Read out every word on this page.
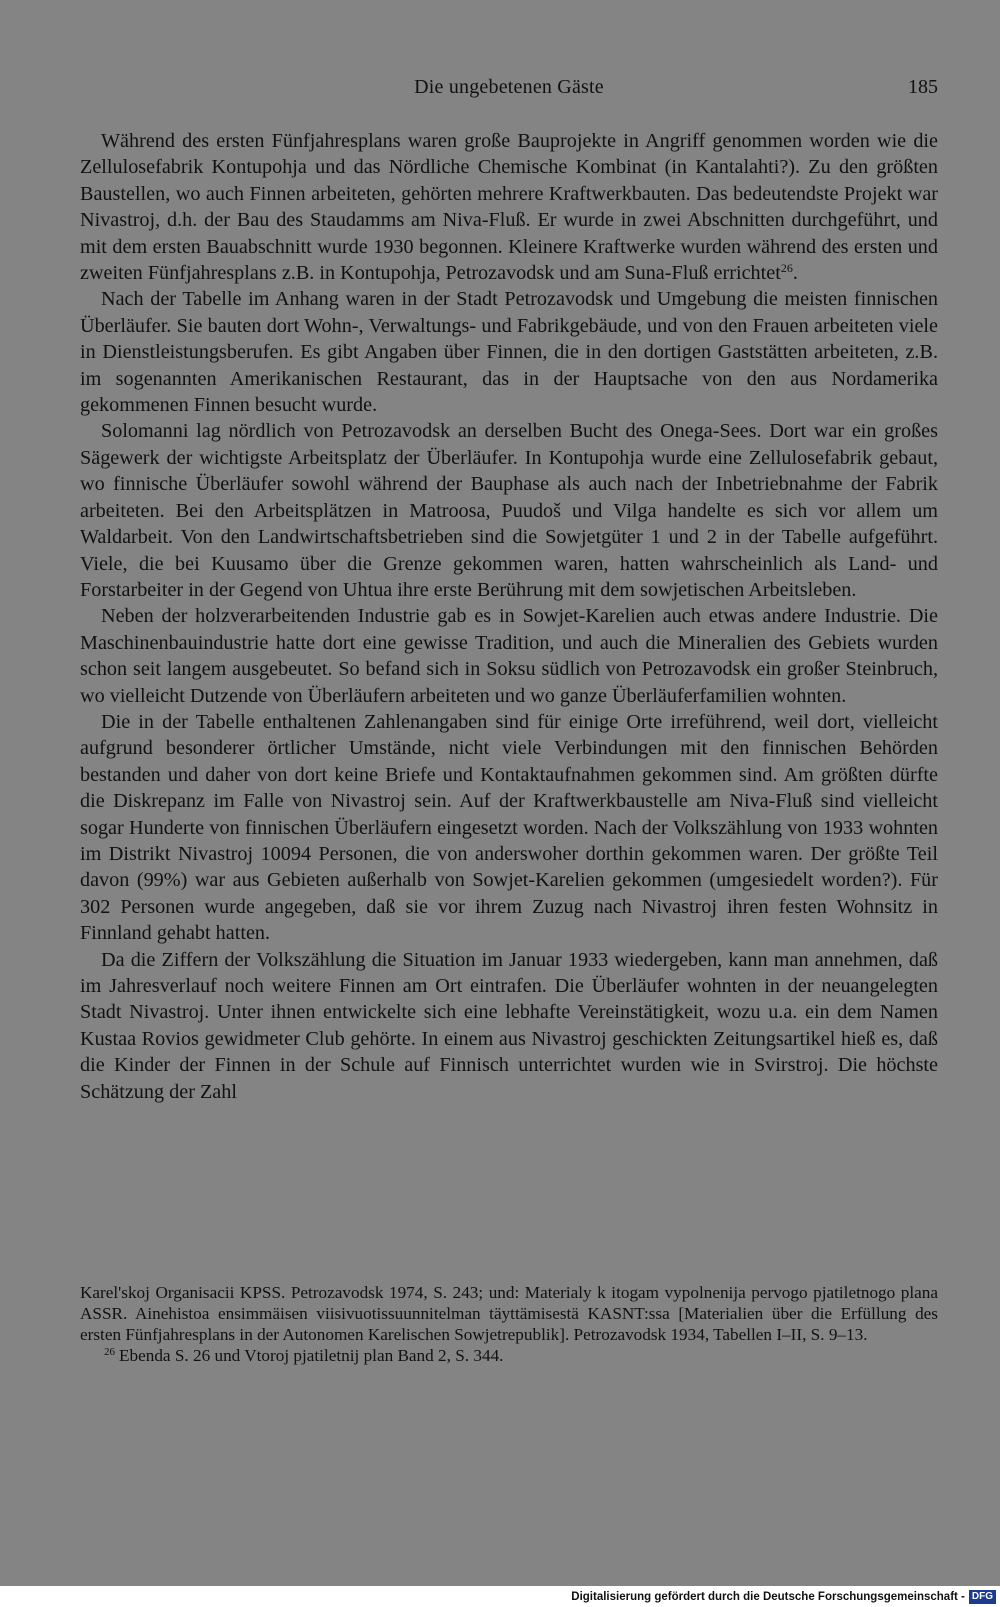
Die ungebetenen Gäste	185

Während des ersten Fünfjahresplans waren große Bauprojekte in Angriff genommen worden wie die Zellulosefabrik Kontupohja und das Nördliche Chemische Kombinat (in Kantalahti?). Zu den größten Baustellen, wo auch Finnen arbeiteten, gehörten mehrere Kraftwerkbauten. Das bedeutendste Projekt war Nivastroj, d.h. der Bau des Staudamms am Niva-Fluß. Er wurde in zwei Abschnitten durchgeführt, und mit dem ersten Bauabschnitt wurde 1930 begonnen. Kleinere Kraftwerke wurden während des ersten und zweiten Fünfjahresplans z.B. in Kontupohja, Petrozavodsk und am Suna-Fluß errichtet$^{26}$.

Nach der Tabelle im Anhang waren in der Stadt Petrozavodsk und Umgebung die meisten finnischen Überläufer. Sie bauten dort Wohn-, Verwaltungs- und Fabrikgebäude, und von den Frauen arbeiteten viele in Dienstleistungsberufen. Es gibt Angaben über Finnen, die in den dortigen Gaststätten arbeiteten, z.B. im sogenannten Amerikanischen Restaurant, das in der Hauptsache von den aus Nordamerika gekommenen Finnen besucht wurde.

Solomanni lag nördlich von Petrozavodsk an derselben Bucht des Onega-Sees. Dort war ein großes Sägewerk der wichtigste Arbeitsplatz der Überläufer. In Kontupohja wurde eine Zellulosefabrik gebaut, wo finnische Überläufer sowohl während der Bauphase als auch nach der Inbetriebnahme der Fabrik arbeiteten. Bei den Arbeitsplätzen in Matroosa, Puudoš und Vilga handelte es sich vor allem um Waldarbeit. Von den Landwirtschaftsbetrieben sind die Sowjetgüter 1 und 2 in der Tabelle aufgeführt. Viele, die bei Kuusamo über die Grenze gekommen waren, hatten wahrscheinlich als Land- und Forstarbeiter in der Gegend von Uhtua ihre erste Berührung mit dem sowjetischen Arbeitsleben.

Neben der holzverarbeitenden Industrie gab es in Sowjet-Karelien auch etwas andere Industrie. Die Maschinenbauindustrie hatte dort eine gewisse Tradition, und auch die Mineralien des Gebiets wurden schon seit langem ausgebeutet. So befand sich in Soksu südlich von Petrozavodsk ein großer Steinbruch, wo vielleicht Dutzende von Überläufern arbeiteten und wo ganze Überläuferfamilien wohnten.

Die in der Tabelle enthaltenen Zahlenangaben sind für einige Orte irreführend, weil dort, vielleicht aufgrund besonderer örtlicher Umstände, nicht viele Verbindungen mit den finnischen Behörden bestanden und daher von dort keine Briefe und Kontaktaufnahmen gekommen sind. Am größten dürfte die Diskrepanz im Falle von Nivastroj sein. Auf der Kraftwerkbaustelle am Niva-Fluß sind vielleicht sogar Hunderte von finnischen Überläufern eingesetzt worden. Nach der Volkszählung von 1933 wohnten im Distrikt Nivastroj 10094 Personen, die von anderswoher dorthin gekommen waren. Der größte Teil davon (99%) war aus Gebieten außerhalb von Sowjet-Karelien gekommen (umgesiedelt worden?). Für 302 Personen wurde angegeben, daß sie vor ihrem Zuzug nach Nivastroj ihren festen Wohnsitz in Finnland gehabt hatten.

Da die Ziffern der Volkszählung die Situation im Januar 1933 wiedergeben, kann man annehmen, daß im Jahresverlauf noch weitere Finnen am Ort eintrafen. Die Überläufer wohnten in der neuangelegten Stadt Nivastroj. Unter ihnen entwickelte sich eine lebhafte Vereinstätigkeit, wozu u.a. ein dem Namen Kustaa Rovios gewidmeter Club gehörte. In einem aus Nivastroj geschickten Zeitungsartikel hieß es, daß die Kinder der Finnen in der Schule auf Finnisch unterrichtet wurden wie in Svirstroj. Die höchste Schätzung der Zahl

Karel'skoj Organisacii KPSS. Petrozavodsk 1974, S. 243; und: Materialy k itogam vypolnenija pervogo pjatiletnogo plana ASSR. Ainehistoa ensimmäisen viisivuotissuunnitelman täyttämisestä KASNT:ssa [Materialien über die Erfüllung des ersten Fünfjahresplans in der Autonomen Karelischen Sowjetrepublik]. Petrozavodsk 1934, Tabellen I–II, S. 9–13.

$^{26}$ Ebenda S. 26 und Vtoroj pjatiletnij plan Band 2, S. 344.

Digitalisierung gefördert durch die Deutsche Forschungsgemeinschaft - DFG
